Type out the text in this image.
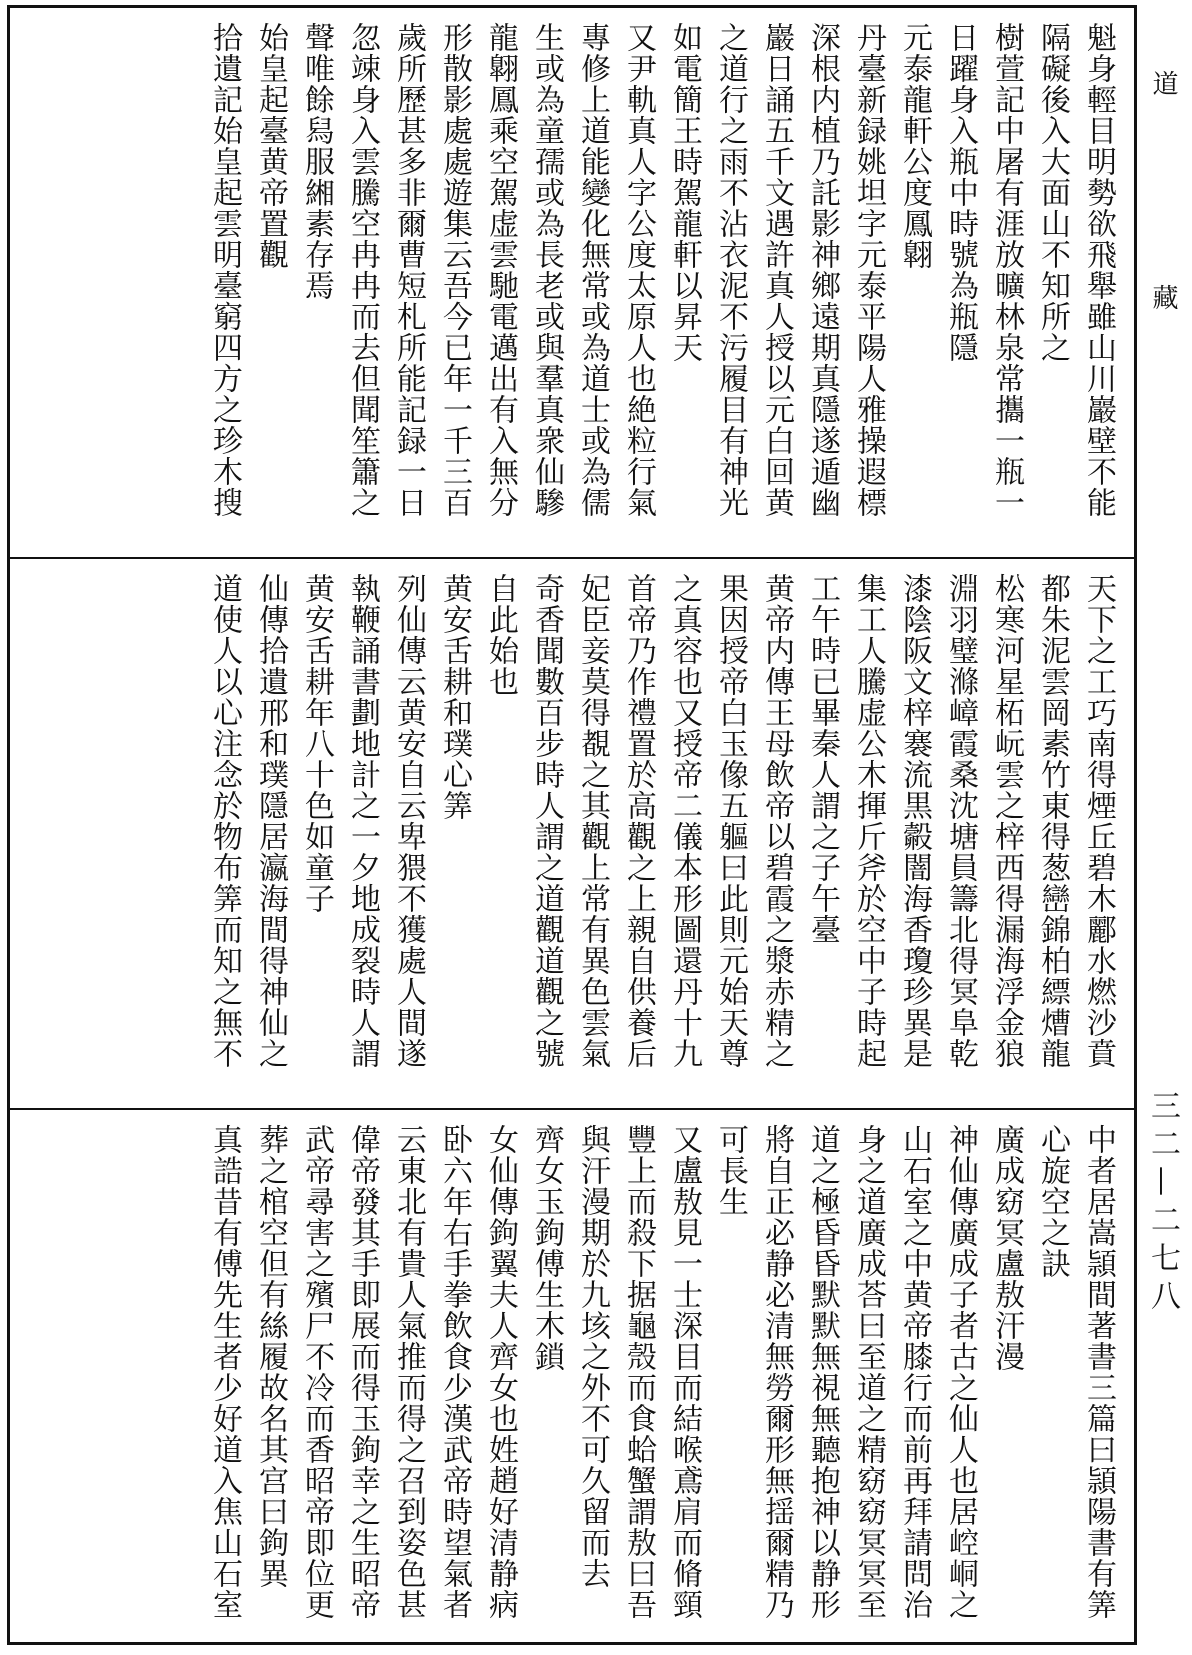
魁身輕目明勢欲飛舉雖山川巖壁不能
隔礙後入大面山不知所之
樹萱記中屠有涯放曠林泉常攜一瓶一
日躍身入瓶中時號為瓶隱
元泰龍軒公度鳳翺
丹臺新録姚坦字元泰平陽人雅操遐標
深根内植乃託影神鄉遠期真隱遂遁幽
巖日誦五千文遇許真人授以元白回黄
之道行之雨不沾衣泥不污履目有神光
如電簡王時駕龍軒以昇天
又尹軌真人字公度太原人也絶粒行氣
專修上道能變化無常或為道士或為儒
生或為童孺或為長老或與羣真衆仙驂
龍翺鳳乘空駕虚雲馳電邁出有入無分
形散影處處遊集云吾今已年一千三百
歲所歷甚多非爾曹短札所能記録一日
忽竦身入雲騰空冉冉而去但聞笙簫之
聲唯餘舄服緗素存焉
始皇起臺黄帝置觀
拾遺記始皇起雲明臺窮四方之珍木搜
天下之工巧南得煙丘碧木酈水燃沙賁
都朱泥雲岡素竹東得葱巒錦柏縹㷮龍
松寒河星柘岏雲之梓西得漏海浮金狼
淵羽璧滌嶂霞桑沈塘員籌北得冥阜乾
漆陰阪文梓褰流黒㲉闇海香瓊珍異是
集工人騰虚公木揮斤斧於空中子時起
工午時已畢秦人謂之子午臺
黄帝内傳王母飲帝以碧霞之漿赤精之
果因授帝白玉像五軀曰此則元始天尊
之真容也又授帝二儀本形圖還丹十九
首帝乃作禮置於高觀之上親自供養后
妃臣妾莫得覩之其觀上常有異色雲氣
奇香聞數百步時人謂之道觀道觀之號
自此始也
黄安舌耕和璞心筭
列仙傳云黄安自云卑猥不獲處人間遂
執鞭誦書劃地計之一夕地成裂時人謂
黄安舌耕年八十色如童子
仙傳拾遺邢和璞隱居瀛海間得神仙之
道使人以心注念於物布筭而知之無不
中者居嵩頴間著書三篇曰頴陽書有筭
心旋空之訣
廣成窈冥盧敖汗漫
神仙傳廣成子者古之仙人也居崆峒之
山石室之中黄帝膝行而前再拜請問治
身之道廣成荅曰至道之精窈窈冥冥至
道之極昏昏默默無視無聽抱神以静形
將自正必静必清無勞爾形無揺爾精乃
可長生
又盧敖見一士深目而結喉鳶肩而脩頸
豐上而殺下据龜殼而食蛤蟹謂敖曰吾
與汗漫期於九垓之外不可久留而去
齊女玉鉤傅生木鎖
女仙傳鉤翼夫人齊女也姓趙好清静病
卧六年右手拳飲食少漢武帝時望氣者
云東北有貴人氣推而得之召到姿色甚
偉帝發其手即展而得玉鉤幸之生昭帝
武帝尋害之殯尸不冷而香昭帝即位更
葬之棺空但有絲履故名其宫曰鉤異
真誥昔有傅先生者少好道入焦山石室
道 藏
三二—二七八
